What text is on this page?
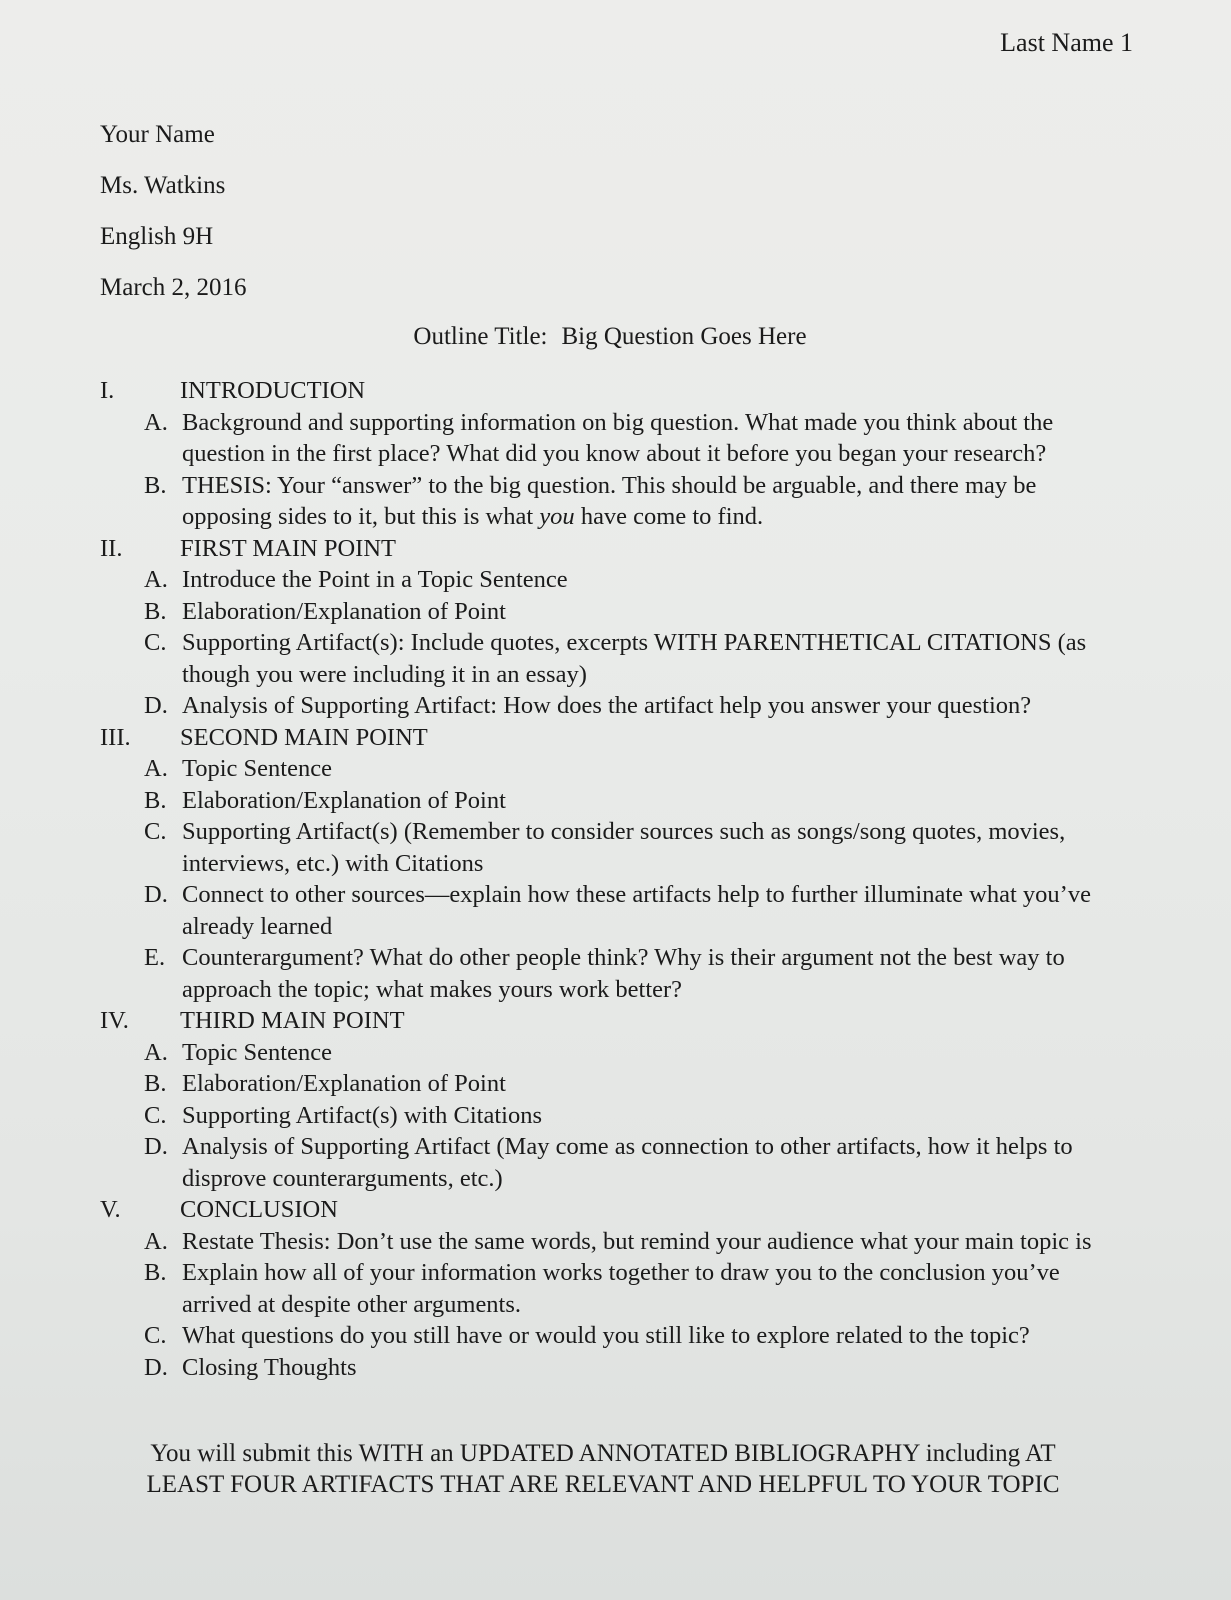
Last Name 1
Your Name
Ms. Watkins
English 9H
March 2, 2016
Outline Title: Big Question Goes Here
I.	INTRODUCTION
A. Background and supporting information on big question. What made you think about the question in the first place? What did you know about it before you began your research?
B. THESIS: Your “answer” to the big question. This should be arguable, and there may be opposing sides to it, but this is what you have come to find.
II.	FIRST MAIN POINT
A. Introduce the Point in a Topic Sentence
B. Elaboration/Explanation of Point
C. Supporting Artifact(s): Include quotes, excerpts WITH PARENTHETICAL CITATIONS (as though you were including it in an essay)
D. Analysis of Supporting Artifact: How does the artifact help you answer your question?
III.	SECOND MAIN POINT
A. Topic Sentence
B. Elaboration/Explanation of Point
C. Supporting Artifact(s) (Remember to consider sources such as songs/song quotes, movies, interviews, etc.) with Citations
D. Connect to other sources—explain how these artifacts help to further illuminate what you’ve already learned
E. Counterargument? What do other people think? Why is their argument not the best way to approach the topic; what makes yours work better?
IV.	THIRD MAIN POINT
A. Topic Sentence
B. Elaboration/Explanation of Point
C. Supporting Artifact(s) with Citations
D. Analysis of Supporting Artifact (May come as connection to other artifacts, how it helps to disprove counterarguments, etc.)
V.	CONCLUSION
A. Restate Thesis: Don’t use the same words, but remind your audience what your main topic is
B. Explain how all of your information works together to draw you to the conclusion you’ve arrived at despite other arguments.
C. What questions do you still have or would you still like to explore related to the topic?
D. Closing Thoughts
You will submit this WITH an UPDATED ANNOTATED BIBLIOGRAPHY including AT LEAST FOUR ARTIFACTS THAT ARE RELEVANT AND HELPFUL TO YOUR TOPIC
